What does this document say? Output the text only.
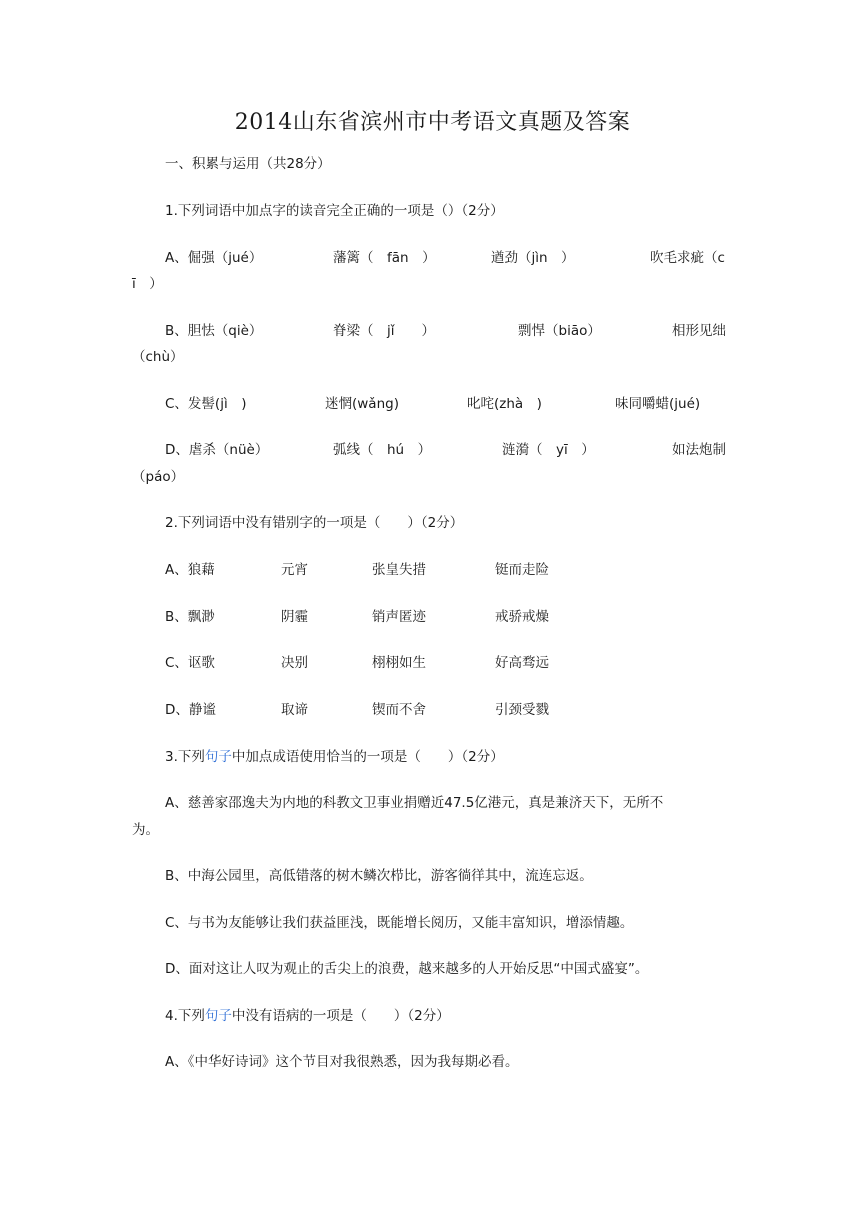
2014山东省滨州市中考语文真题及答案
一、积累与运用（共28分）
1.下列词语中加点字的读音完全正确的一项是（）（2分）
A、倔强（jué）	藩篱（　fān　）	遒劲（jìn　）	吹毛求疵（c
ī　）
B、胆怯（qiè）	脊梁（　jǐ　　）	剽悍（biāo）	相形见绌
（chù）
C、发髻(jì　)	迷惘(wǎng)	叱咤(zhà　)	味同嚼蜡(jué)
D、虐杀（nüè）	弧线（　hú　）	涟漪（　yī　）	如法炮制
（páo）
2.下列词语中没有错别字的一项是（　　）（2分）
A、狼藉	元宵	张皇失措	铤而走险
B、飘渺	阴霾	销声匿迹	戒骄戒燥
C、讴歌	决别	栩栩如生	好高骛远
D、静谧	取谛	锲而不舍	引颈受戮
3.下列句子中加点成语使用恰当的一项是（　　）（2分）
A、慈善家邵逸夫为内地的科教文卫事业捐赠近47.5亿港元，真是兼济天下，无所不
为。
B、中海公园里，高低错落的树木鳞次栉比，游客徜徉其中，流连忘返。
C、与书为友能够让我们获益匪浅，既能增长阅历，又能丰富知识，增添情趣。
D、面对这让人叹为观止的舌尖上的浪费，越来越多的人开始反思“中国式盛宴”。
4.下列句子中没有语病的一项是（　　）（2分）
A、《中华好诗词》这个节目对我很熟悉，因为我每期必看。
